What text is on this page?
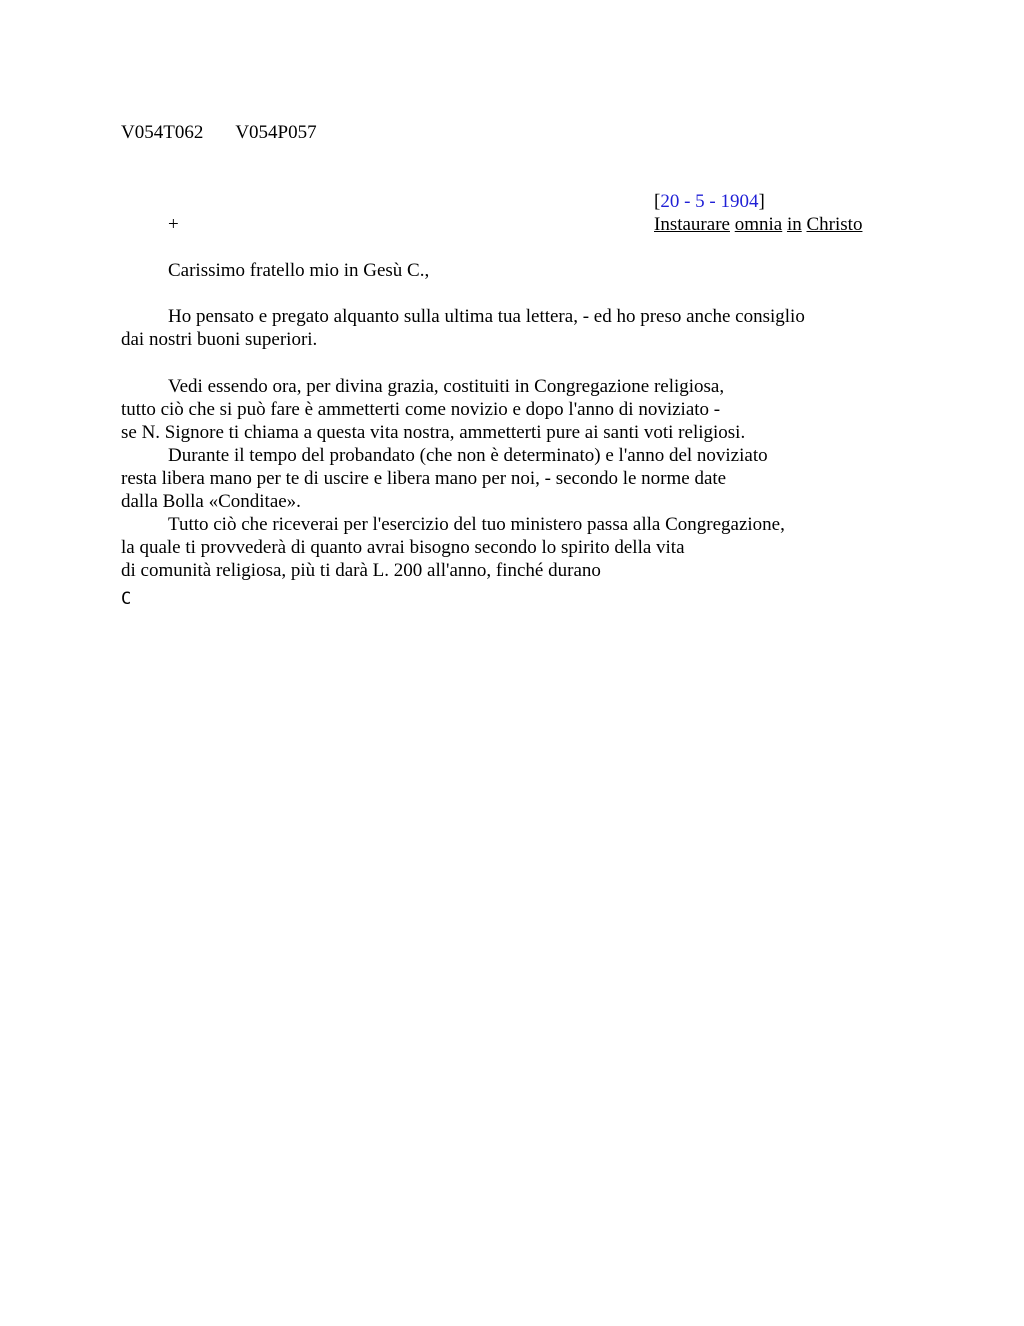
V054T062 V054P057
[20 - 5 - 1904]
+	Instaurare omnia in Christo
Carissimo fratello mio in Gesù C.,
Ho pensato e pregato alquanto sulla ultima tua lettera, - ed ho preso anche consiglio
dai nostri buoni superiori.
Vedi essendo ora, per divina grazia, costituiti in Congregazione religiosa,
tutto ciò che si può fare è ammetterti come novizio e dopo l'anno di noviziato -
se N. Signore ti chiama a questa vita nostra, ammetterti pure ai santi voti religiosi.
Durante il tempo del probandato (che non è determinato) e l'anno del noviziato
resta libera mano per te di uscire e libera mano per noi, - secondo le norme date
dalla Bolla «Conditae».
Tutto ciò che riceverai per l'esercizio del tuo ministero passa alla Congregazione,
la quale ti provvederà di quanto avrai bisogno secondo lo spirito della vita
di comunità religiosa, più ti darà L. 200 all'anno, finché durano
C
